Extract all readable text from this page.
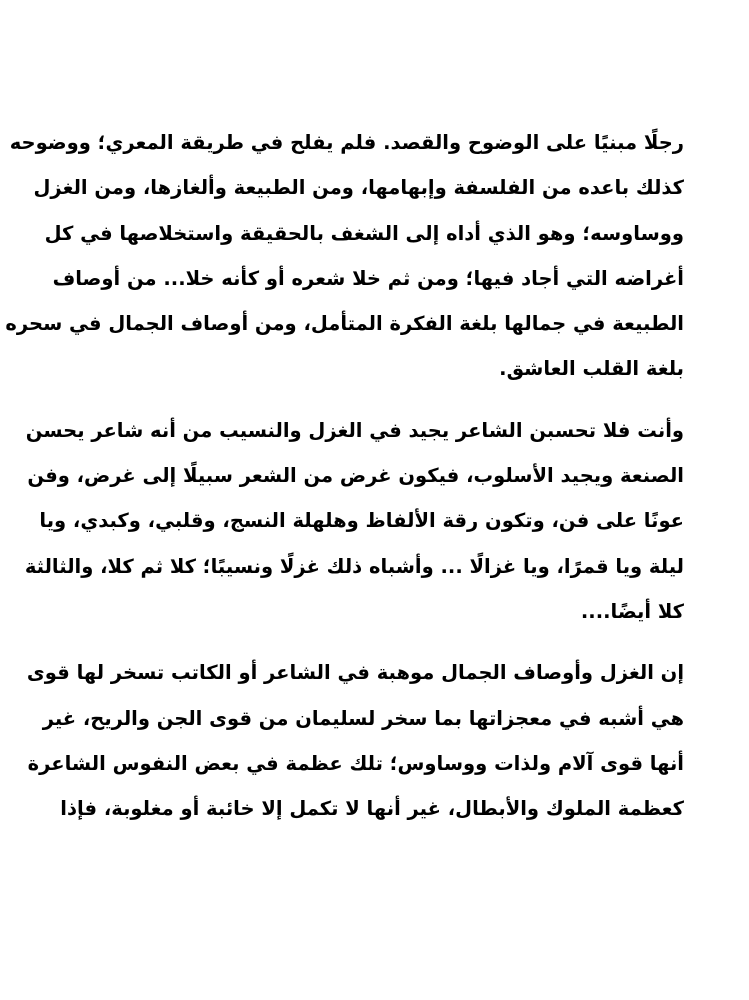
رجلًا مبنيًا على الوضوح والقصد. فلم يفلح في طريقة المعري؛ ووضوحه
كذلك باعده من الفلسفة وإبهامها، ومن الطبيعة وألغازها، ومن الغزل
ووساوسه؛ وهو الذي أداه إلى الشغف بالحقيقة واستخلاصها في كل
أغراضه التي أجاد فيها؛ ومن ثم خلا شعره أو كأنه خلا... من أوصاف
الطبيعة في جمالها بلغة الفكرة المتأمل، ومن أوصاف الجمال في سحره
بلغة القلب العاشق.
وأنت فلا تحسبن الشاعر يجيد في الغزل والنسيب من أنه شاعر يحسن
الصنعة ويجيد الأسلوب، فيكون غرض من الشعر سبيلًا إلى غرض، وفن
عونًا على فن، وتكون رقة الألفاظ وهلهلة النسج، وقلبي، وكبدي، ويا
ليلة ويا قمرًا، ويا غزالًا ... وأشباه ذلك غزلًا ونسيبًا؛ كلا ثم كلا، والثالثة
كلا أيضًا....
إن الغزل وأوصاف الجمال موهبة في الشاعر أو الكاتب تسخر لها قوى
هي أشبه في معجزاتها بما سخر لسليمان من قوى الجن والريح، غير
أنها قوى آلام ولذات ووساوس؛ تلك عظمة في بعض النفوس الشاعرة
كعظمة الملوك والأبطال، غير أنها لا تكمل إلا خائبة أو مغلوبة، فإذا
